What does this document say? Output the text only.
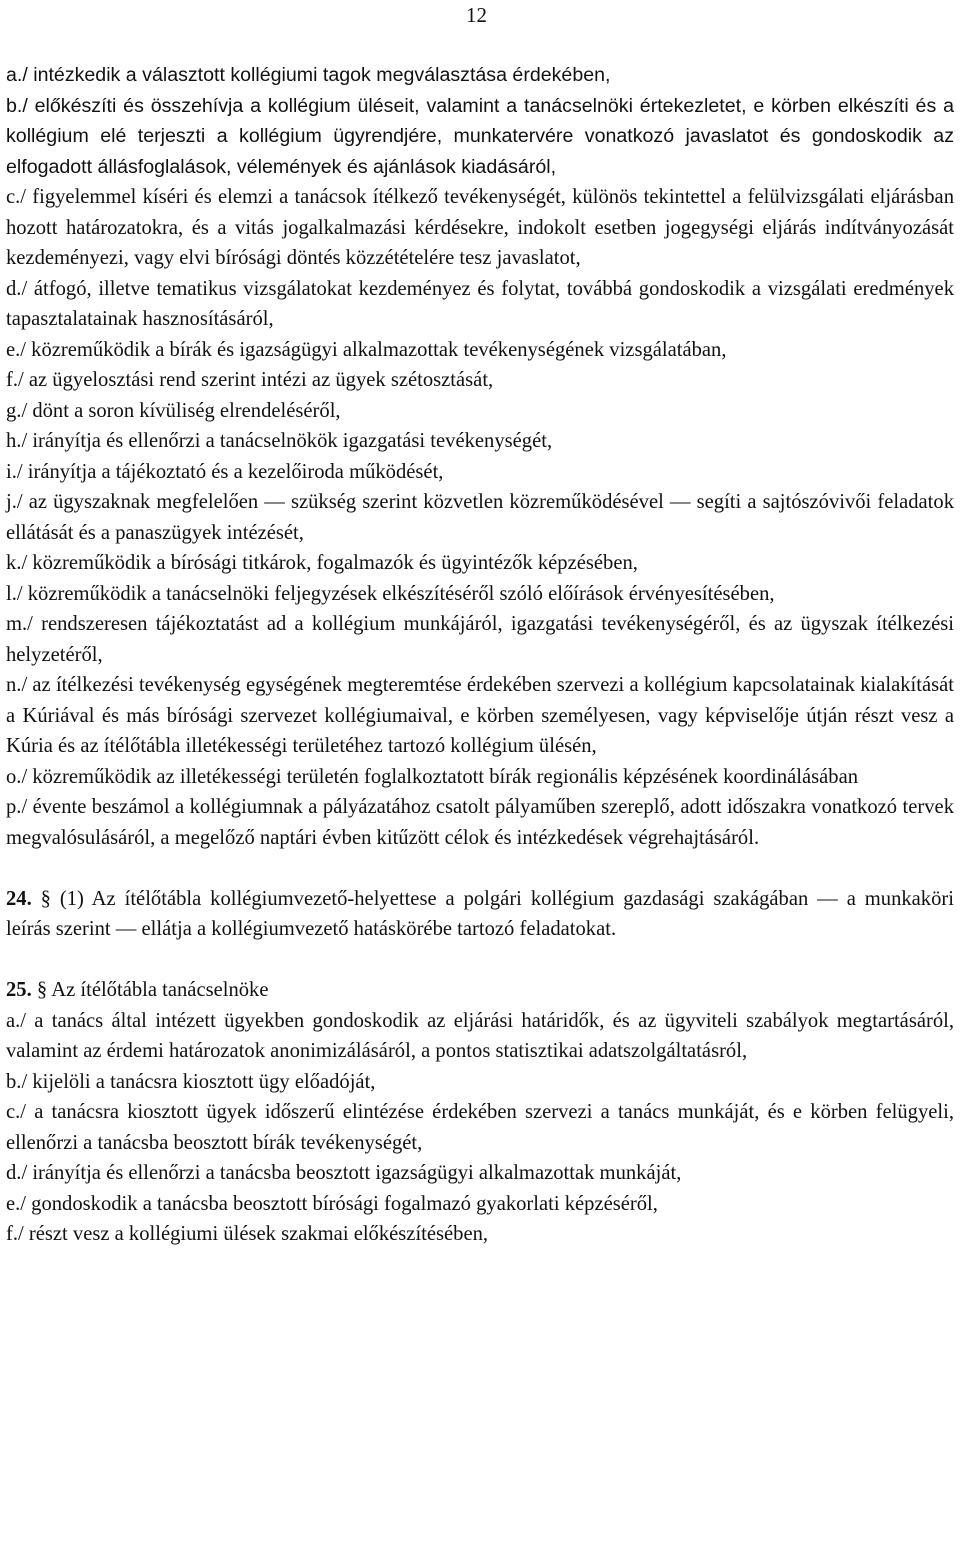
12

a./ intézkedik a választott kollégiumi tagok megválasztása érdekében,

b./ előkészíti és összehívja a kollégium üléseit, valamint a tanácselnöki értekezletet, e körben elkészíti és a kollégium elé terjeszti a kollégium ügyrendjére, munkatervére vonatkozó javaslatot és gondoskodik az elfogadott állásfoglalások, vélemények és ajánlások kiadásáról,

c./ figyelemmel kíséri és elemzi a tanácsok ítélkező tevékenységét, különös tekintettel a felülvizsgálati eljárásban hozott határozatokra, és a vitás jogalkalmazási kérdésekre, indokolt esetben jogegységi eljárás indítványozását kezdeményezi, vagy elvi bírósági döntés közzétételére tesz javaslatot,

d./ átfogó, illetve tematikus vizsgálatokat kezdeményez és folytat, továbbá gondoskodik a vizsgálati eredmények tapasztalatainak hasznosításáról,

e./ közreműködik a bírák és igazságügyi alkalmazottak tevékenységének vizsgálatában,

f./ az ügyelosztási rend szerint intézi az ügyek szétosztását,

g./ dönt a soron kívüliség elrendeléséről,

h./ irányítja és ellenőrzi a tanácselnökök igazgatási tevékenységét,

i./ irányítja a tájékoztató és a kezelőiroda működését,

j./ az ügyszaknak megfelelően — szükség szerint közvetlen közreműködésével — segíti a sajtószóvivői feladatok ellátását és a panaszügyek intézését,

k./ közreműködik a bírósági titkárok, fogalmazók és ügyintézők képzésében,

l./ közreműködik a tanácselnöki feljegyzések elkészítéséről szóló előírások érvényesítésében,

m./ rendszeresen tájékoztatást ad a kollégium munkájáról, igazgatási tevékenységéről, és az ügyszak ítélkezési helyzetéről,

n./ az ítélkezési tevékenység egységének megteremtése érdekében szervezi a kollégium kapcsolatainak kialakítását a Kúriával és más bírósági szervezet kollégiumaival, e körben személyesen, vagy képviselője útján részt vesz a Kúria és az ítélőtábla illetékességi területéhez tartozó kollégium ülésén,

o./ közreműködik az illetékességi területén foglalkoztatott bírák regionális képzésének koordinálásában

p./ évente beszámol a kollégiumnak a pályázatához csatolt pályaműben szereplő, adott időszakra vonatkozó tervek megvalósulásáról, a megelőző naptári évben kitűzött célok és intézkedések végrehajtásáról.

24. § (1) Az ítélőtábla kollégiumvezető-helyettese a polgári kollégium gazdasági szakágában — a munkaköri leírás szerint — ellátja a kollégiumvezető hatáskörébe tartozó feladatokat.

25. § Az ítélőtábla tanácselnöke

a./ a tanács által intézett ügyekben gondoskodik az eljárási határidők, és az ügyviteli szabályok megtartásáról, valamint az érdemi határozatok anonimizálásáról, a pontos statisztikai adatszolgáltatásról,

b./ kijelöli a tanácsra kiosztott ügy előadóját,

c./ a tanácsra kiosztott ügyek időszerű elintézése érdekében szervezi a tanács munkáját, és e körben felügyeli, ellenőrzi a tanácsba beosztott bírák tevékenységét,

d./ irányítja és ellenőrzi a tanácsba beosztott igazságügyi alkalmazottak munkáját,

e./ gondoskodik a tanácsba beosztott bírósági fogalmazó gyakorlati képzéséről,

f./ részt vesz a kollégiumi ülések szakmai előkészítésében,
